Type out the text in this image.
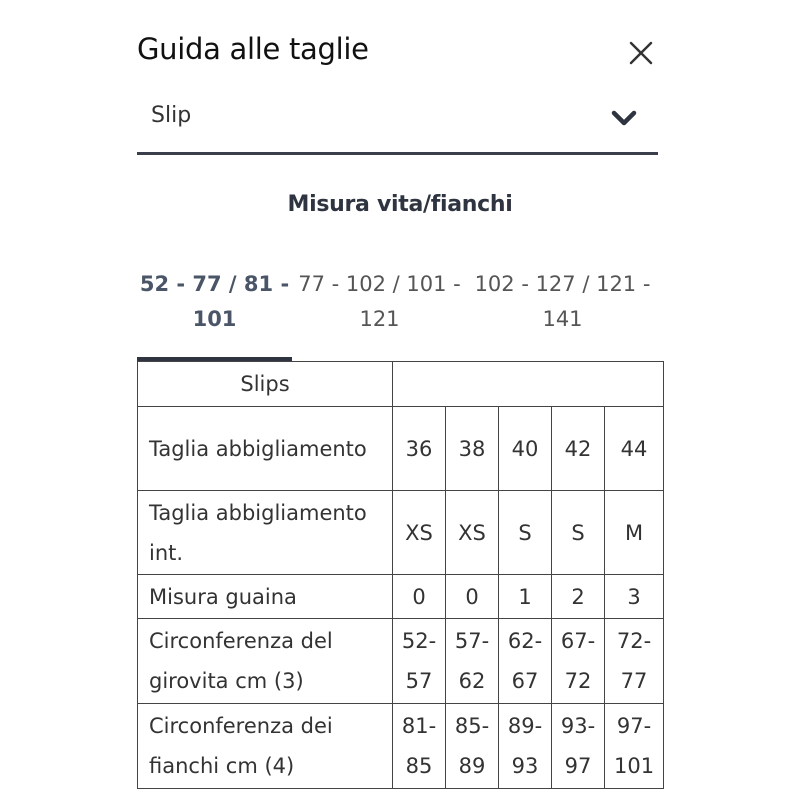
Guida alle taglie
Slip
Misura vita/fianchi
52 - 77 / 81 -
101
77 - 102 / 101 -
121
102 - 127 / 121 -
141
Slips					
Taglia abbigliamento	36	38	40	42	44
Taglia abbigliamento int.	XS	XS	S	S	M
Misura guaina	0	0	1	2	3
Circonferenza del girovita cm (3)	52-57	57-62	62-67	67-72	72-77
Circonferenza dei fianchi cm (4)	81-85	85-89	89-93	93-97	97-101
